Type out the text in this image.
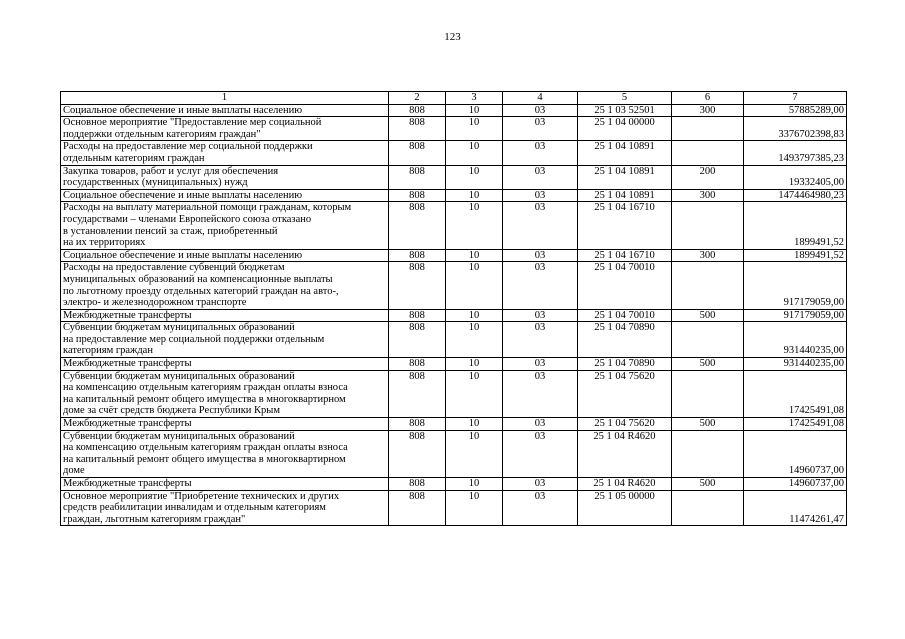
123
1	2	3	4	5	6	7

Социальное обеспечение и иные выплаты населению	808	10	03	25 1 03 52501	300	57885289,00

Основное мероприятие "Предоставление мер социальной
поддержки отдельным категориям граждан"	808	10	03	25 1 04 00000		3376702398,83

Расходы на предоставление мер социальной поддержки
отдельным категориям граждан	808	10	03	25 1 04 10891		1493797385,23

Закупка товаров, работ и услуг для обеспечения
государственных (муниципальных) нужд	808	10	03	25 1 04 10891	200	19332405,00

Социальное обеспечение и иные выплаты населению	808	10	03	25 1 04 10891	300	1474464980,23

Расходы на выплату материальной помощи гражданам, которым
государствами – членами Европейского союза отказано
в установлении пенсий за стаж, приобретенный
на их территориях	808	10	03	25 1 04 16710		1899491,52

Социальное обеспечение и иные выплаты населению	808	10	03	25 1 04 16710	300	1899491,52

Расходы на предоставление субвенций бюджетам
муниципальных образований на компенсационные выплаты
по льготному проезду отдельных категорий граждан на авто-,
электро- и железнодорожном транспорте	808	10	03	25 1 04 70010		917179059,00

Межбюджетные трансферты	808	10	03	25 1 04 70010	500	917179059,00

Субвенции бюджетам муниципальных образований
на предоставление мер социальной поддержки отдельным
категориям граждан	808	10	03	25 1 04 70890		931440235,00

Межбюджетные трансферты	808	10	03	25 1 04 70890	500	931440235,00

Субвенции бюджетам муниципальных образований
на компенсацию отдельным категориям граждан оплаты взноса
на капитальный ремонт общего имущества в многоквартирном
доме за счёт средств бюджета Республики Крым	808	10	03	25 1 04 75620		17425491,08

Межбюджетные трансферты	808	10	03	25 1 04 75620	500	17425491,08

Субвенции бюджетам муниципальных образований
на компенсацию отдельным категориям граждан оплаты взноса
на капитальный ремонт общего имущества в многоквартирном
доме	808	10	03	25 1 04 R4620		14960737,00

Межбюджетные трансферты	808	10	03	25 1 04 R4620	500	14960737,00

Основное мероприятие "Приобретение технических и других
средств реабилитации инвалидам и отдельным категориям
граждан, льготным категориям граждан"	808	10	03	25 1 05 00000		11474261,47
